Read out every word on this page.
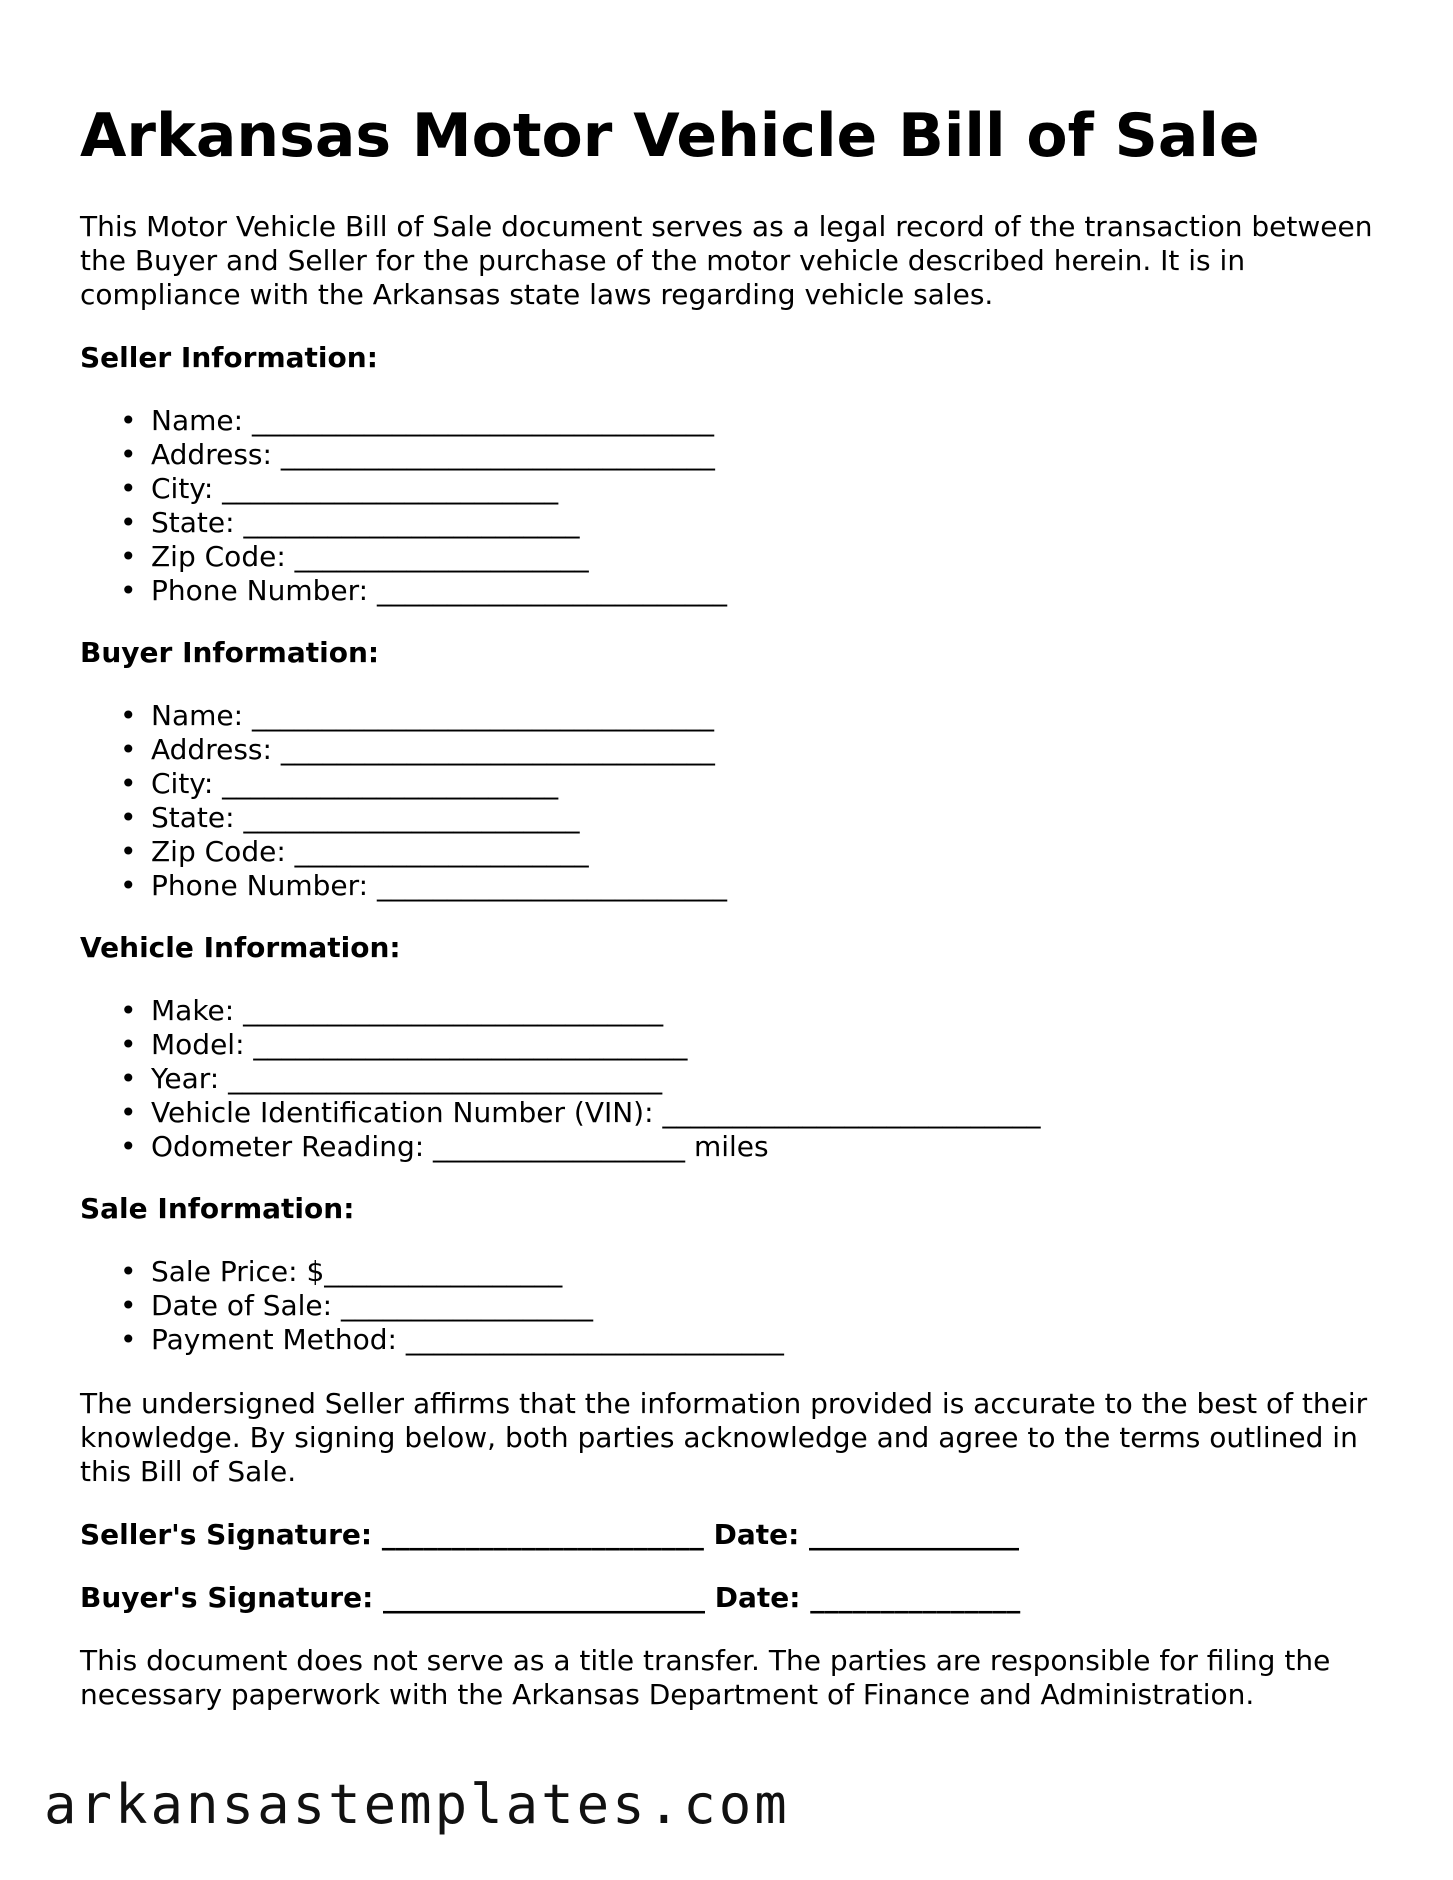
Arkansas Motor Vehicle Bill of Sale

This Motor Vehicle Bill of Sale document serves as a legal record of the transaction between the Buyer and Seller for the purchase of the motor vehicle described herein. It is in compliance with the Arkansas state laws regarding vehicle sales.

Seller Information:
• Name: _________________________________
• Address: _______________________________
• City: ________________________
• State: ________________________
• Zip Code: _____________________
• Phone Number: _________________________
Buyer Information:
• Name: _________________________________
• Address: _______________________________
• City: ________________________
• State: ________________________
• Zip Code: _____________________
• Phone Number: _________________________
Vehicle Information:
• Make: ______________________________
• Model: _______________________________
• Year: _______________________________
• Vehicle Identification Number (VIN): ___________________________
• Odometer Reading: __________________ miles
Sale Information:
• Sale Price: $_________________
• Date of Sale: __________________
• Payment Method: ___________________________

The undersigned Seller affirms that the information provided is accurate to the best of their knowledge. By signing below, both parties acknowledge and agree to the terms outlined in this Bill of Sale.

Seller's Signature: _______________________ Date: _______________
Buyer's Signature: _______________________ Date: _______________

This document does not serve as a title transfer. The parties are responsible for filing the necessary paperwork with the Arkansas Department of Finance and Administration.

arkansastemplates.com
